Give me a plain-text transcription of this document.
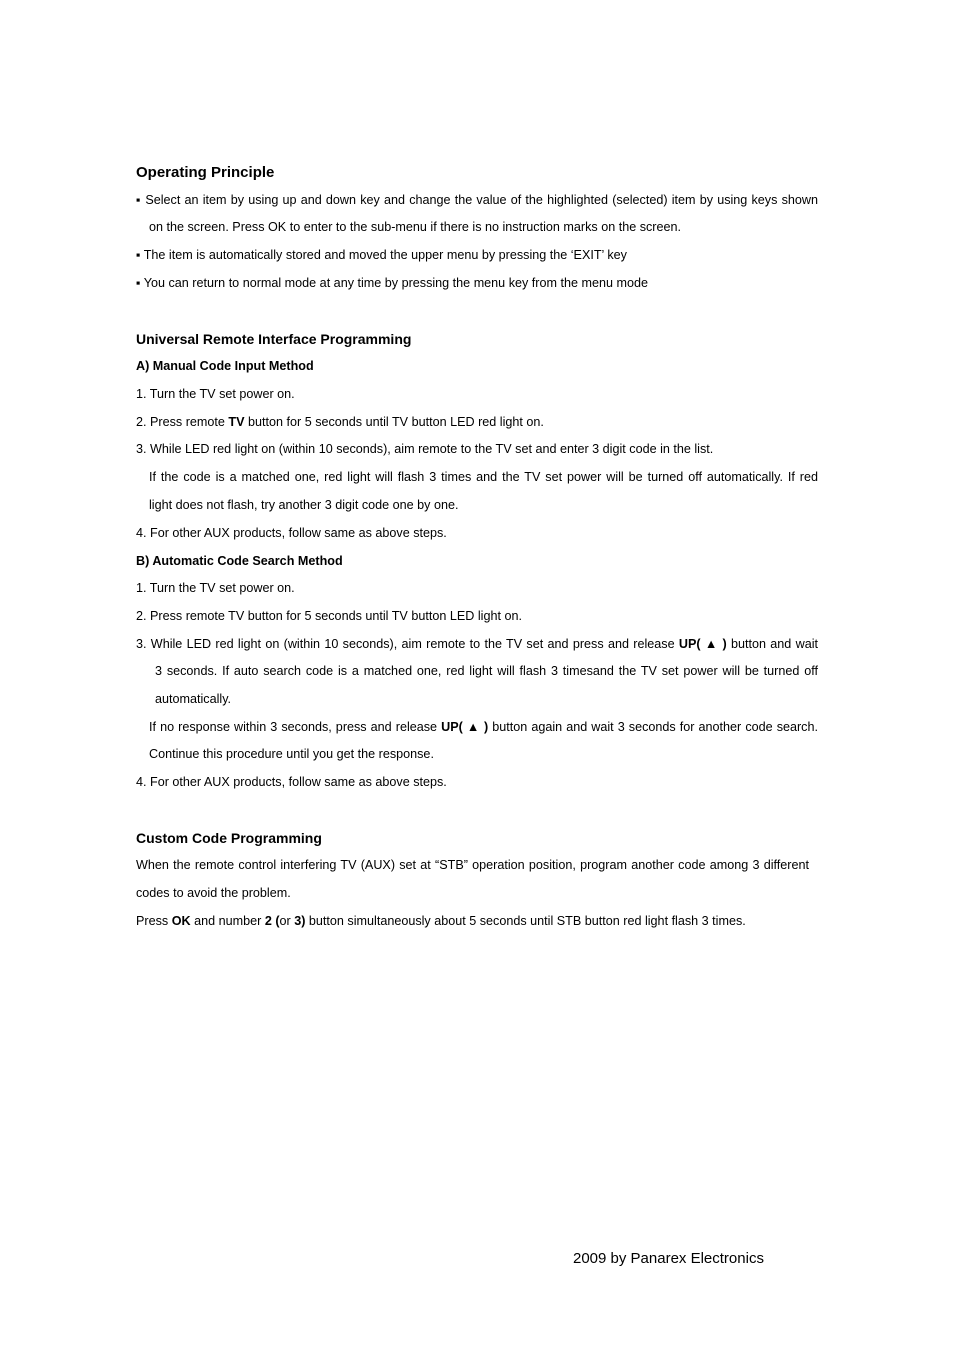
Operating Principle
▪ Select an item by using up and down key and change the value of the highlighted (selected) item by using keys shown
on the screen. Press OK to enter to the sub-menu if there is no instruction marks on the screen.
▪ The item is automatically stored and moved the upper menu by pressing the ‘EXIT’ key
▪ You can return to normal mode at any time by pressing the menu key from the menu mode
Universal Remote Interface Programming
A) Manual Code Input Method
1. Turn the TV set power on.
2. Press remote TV button for 5 seconds until TV button LED red light on.
3. While LED red light on (within 10 seconds), aim remote to the TV set and enter 3 digit code in the list.
If the code is a matched one, red light will flash 3 times and the TV set power will be turned off automatically. If red
light does not flash, try another 3 digit code one by one.
4. For other AUX products, follow same as above steps.
B) Automatic Code Search Method
1. Turn the TV set power on.
2. Press remote TV button for 5 seconds until TV button LED light on.
3. While LED red light on (within 10 seconds), aim remote to the TV set and press and release UP( ▲ ) button and wait
3 seconds. If auto search code is a matched one, red light will flash 3 timesand the TV set power will be turned off
automatically.
If no response within 3 seconds, press and release UP( ▲ ) button again and wait 3 seconds for another code search.
Continue this procedure until you get the response.
4. For other AUX products, follow same as above steps.
Custom Code Programming
When the remote control interfering TV (AUX) set at “STB” operation position, program another code among 3 different
codes to avoid the problem.
Press OK and number 2 (or 3) button simultaneously about 5 seconds until STB button red light flash 3 times.
2009 by Panarex Electronics
